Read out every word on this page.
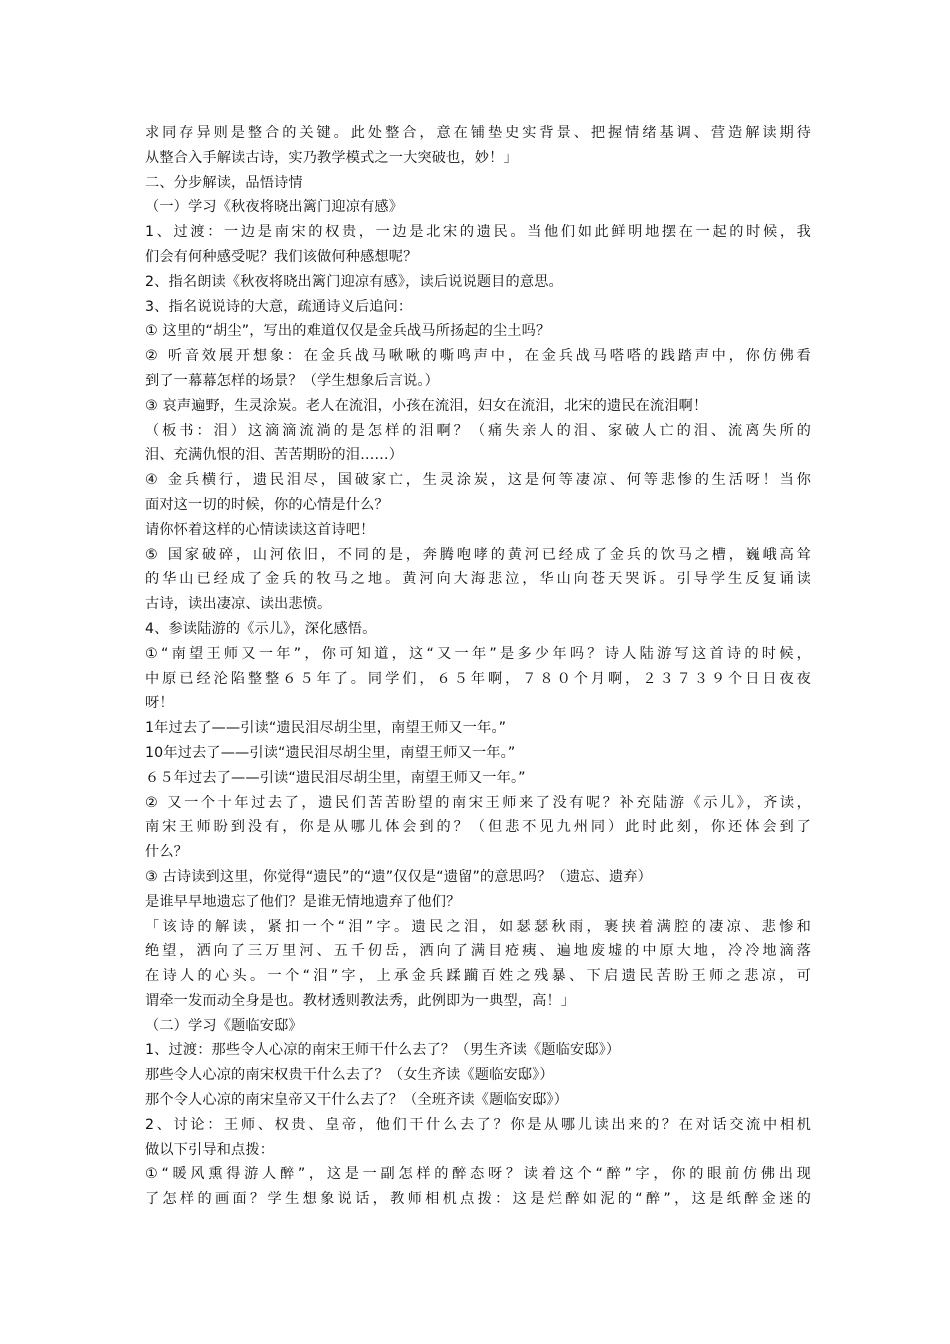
求同存异则是整合的关键。此处整合，意在铺垫史实背景、把握情绪基调、营造解读期待
从整合入手解读古诗，实乃教学模式之一大突破也，妙！」
二、分步解读，品悟诗情
（一）学习《秋夜将晓出篱门迎凉有感》
1、过渡：一边是南宋的权贵，一边是北宋的遗民。当他们如此鲜明地摆在一起的时候，我
们会有何种感受呢？我们该做何种感想呢？
2、指名朗读《秋夜将晓出篱门迎凉有感》，读后说说题目的意思。
3、指名说说诗的大意，疏通诗义后追问：
① 这里的“胡尘”，写出的难道仅仅是金兵战马所扬起的尘土吗？
② 听音效展开想象：在金兵战马啾啾的嘶鸣声中，在金兵战马嗒嗒的践踏声中，你仿佛看
到了一幕幕怎样的场景？（学生想象后言说。）
③ 哀声遍野，生灵涂炭。老人在流泪，小孩在流泪，妇女在流泪，北宋的遗民在流泪啊！
（板书：泪）这滴滴流淌的是怎样的泪啊？（痛失亲人的泪、家破人亡的泪、流离失所的
泪、充满仇恨的泪、苦苦期盼的泪……）
④ 金兵横行，遗民泪尽，国破家亡，生灵涂炭，这是何等凄凉、何等悲惨的生活呀！当你
面对这一切的时候，你的心情是什么？
请你怀着这样的心情读读这首诗吧！
⑤ 国家破碎，山河依旧，不同的是，奔腾咆哮的黄河已经成了金兵的饮马之槽，巍峨高耸
的华山已经成了金兵的牧马之地。黄河向大海悲泣，华山向苍天哭诉。引导学生反复诵读
古诗，读出凄凉、读出悲愤。
4、参读陆游的《示儿》，深化感悟。
①“南望王师又一年”，你可知道，这“又一年”是多少年吗？诗人陆游写这首诗的时候，
中原已经沦陷整整６５年了。同学们，６５年啊，７８０个月啊，２３７３９个日日夜夜
呀！
1年过去了——引读“遗民泪尽胡尘里，南望王师又一年。”
10年过去了——引读“遗民泪尽胡尘里，南望王师又一年。”
６５年过去了——引读“遗民泪尽胡尘里，南望王师又一年。”
② 又一个十年过去了，遗民们苦苦盼望的南宋王师来了没有呢？补充陆游《示儿》，齐读，
南宋王师盼到没有，你是从哪儿体会到的？（但悲不见九州同）此时此刻，你还体会到了
什么？
③ 古诗读到这里，你觉得“遗民”的“遗”仅仅是“遗留”的意思吗？（遗忘、遗弃）
是谁早早地遗忘了他们？是谁无情地遗弃了他们？
「该诗的解读，紧扣一个“泪”字。遗民之泪，如瑟瑟秋雨，裹挟着满腔的凄凉、悲惨和
绝望，洒向了三万里河、五千仞岳，洒向了满目疮痍、遍地废墟的中原大地，冷冷地滴落
在诗人的心头。一个“泪”字，上承金兵蹂躏百姓之残暴、下启遗民苦盼王师之悲凉，可
谓牵一发而动全身是也。教材透则教法秀，此例即为一典型，高！」
（二）学习《题临安邸》
1、过渡：那些令人心凉的南宋王师干什么去了？（男生齐读《题临安邸》）
那些令人心凉的南宋权贵干什么去了？（女生齐读《题临安邸》）
那个令人心凉的南宋皇帝又干什么去了？（全班齐读《题临安邸》）
2、讨论：王师、权贵、皇帝，他们干什么去了？你是从哪儿读出来的？在对话交流中相机
做以下引导和点拨：
①“暖风熏得游人醉”，这是一副怎样的醉态呀？读着这个“醉”字，你的眼前仿佛出现
了怎样的画面？学生想象说话，教师相机点拨：这是烂醉如泥的“醉”，这是纸醉金迷的
